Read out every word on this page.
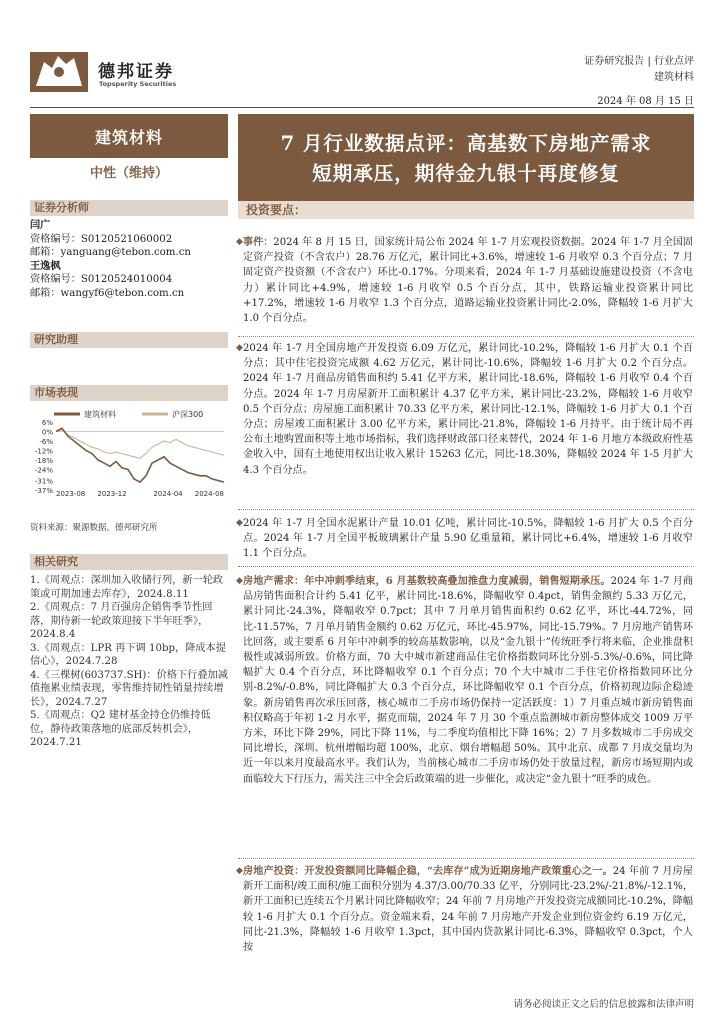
德邦证券
Topsperity Securities
证券研究报告 | 行业点评
建筑材料
2024 年 08 月 15 日
建筑材料
中性（维持）
证券分析师
闫广
资格编号：S0120521060002
邮箱：yanguang@tebon.com.cn
王逸枫
资格编号：S0120524010004
邮箱：wangyf6@tebon.com.cn
研究助理
市场表现
建筑材料	沪深300
6%
0%
-6%
-12%
-18%
-24%
-31%
-37% 2023-08 2023-12	2024-04 2024-08
资料来源：聚源数据，德邦研究所
相关研究
1.《周观点：深圳加入收储行列，新一轮政策或可期加速去库存》，2024.8.11
2.《周观点：7 月百强房企销售季节性回落，期待新一轮政策迎接下半年旺季》，2024.8.4
3.《周观点：LPR 再下调 10bp，降成本提信心》，2024.7.28
4.《三棵树(603737.SH)：价格下行叠加减值拖累业绩表现，零售维持韧性销量持续增长》，2024.7.27
5.《周观点：Q2 建材基金持仓仍维持低位，静待政策落地的底部反转机会》，2024.7.21
7 月行业数据点评：高基数下房地产需求
短期承压，期待金九银十再度修复
投资要点：
◆ 事件：2024 年 8 月 15 日，国家统计局公布 2024 年 1-7 月宏观投资数据。2024 年 1-7 月全国固定资产投资（不含农户）28.76 万亿元，累计同比+3.6%，增速较 1-6 月收窄 0.3 个百分点；7 月固定资产投资额（不含农户）环比-0.17%。分项来看，2024 年 1-7 月基础设施建设投资（不含电力）累计同比+4.9%，增速较 1-6 月收窄 0.5 个百分点，其中，铁路运输业投资累计同比+17.2%，增速较 1-6 月收窄 1.3 个百分点，道路运输业投资累计同比-2.0%，降幅较 1-6 月扩大 1.0 个百分点。
◆ 2024 年 1-7 月全国房地产开发投资 6.09 万亿元，累计同比-10.2%，降幅较 1-6 月扩大 0.1 个百分点；其中住宅投资完成额 4.62 万亿元，累计同比-10.6%，降幅较 1-6 月扩大 0.2 个百分点。2024 年 1-7 月商品房销售面积约 5.41 亿平方米，累计同比-18.6%，降幅较 1-6 月收窄 0.4 个百分点。2024 年 1-7 月房屋新开工面积累计 4.37 亿平方米，累计同比-23.2%，降幅较 1-6 月收窄 0.5 个百分点；房屋施工面积累计 70.33 亿平方米，累计同比-12.1%，降幅较 1-6 月扩大 0.1 个百分点；房屋竣工面积累计 3.00 亿平方米，累计同比-21.8%，降幅较 1-6 月持平。由于统计局不再公布土地购置面积等土地市场指标，我们选择财政部口径来替代，2024 年 1-6 月地方本级政府性基金收入中，国有土地使用权出让收入累计 15263 亿元，同比-18.30%，降幅较 2024 年 1-5 月扩大 4.3 个百分点。
◆ 2024 年 1-7 月全国水泥累计产量 10.01 亿吨，累计同比-10.5%，降幅较 1-6 月扩大 0.5 个百分点。2024 年 1-7 月全国平板玻璃累计产量 5.90 亿重量箱，累计同比+6.4%，增速较 1-6 月收窄 1.1 个百分点。
◆ 房地产需求：年中冲刺季结束，6 月基数较高叠加推盘力度减弱，销售短期承压。2024 年 1-7 月商品房销售面积合计约 5.41 亿平，累计同比-18.6%，降幅收窄 0.4pct，销售金额约 5.33 万亿元，累计同比-24.3%，降幅收窄 0.7pct；其中 7 月单月销售面积约 0.62 亿平，环比-44.72%，同比-11.57%，7 月单月销售金额约 0.62 万亿元，环比-45.97%，同比-15.79%。7 月房地产销售环比回落，或主要系 6 月年中冲刺季的较高基数影响，以及“金九银十”传统旺季行将来临，企业推盘积极性或减弱所致。价格方面，70 大中城市新建商品住宅价格指数同环比分别-5.3%/-0.6%，同比降幅扩大 0.4 个百分点，环比降幅收窄 0.1 个百分点；70 个大中城市二手住宅价格指数同环比分别-8.2%/-0.8%，同比降幅扩大 0.3 个百分点，环比降幅收窄 0.1 个百分点，价格初现边际企稳迹象。新房销售再次承压回落，核心城市二手房市场仍保持一定活跃度：1）7 月重点城市新房销售面积仅略高于年初 1-2 月水平，据克而瑞，2024 年 7 月 30 个重点监测城市新房整体成交 1009 万平方米，环比下降 29%，同比下降 11%，与二季度均值相比下降 16%；2）7 月多数城市二手房成交同比增长，深圳、杭州增幅均超 100%，北京、烟台增幅超 50%。其中北京、成都 7 月成交量均为近一年以来月度最高水平。我们认为，当前核心城市二手房市场仍处于放量过程，新房市场短期内或面临较大下行压力，需关注三中全会后政策端的进一步催化，或决定“金九银十”旺季的成色。
◆ 房地产投资：开发投资额同比降幅企稳，“去库存”成为近期房地产政策重心之一。24 年前 7 月房屋新开工面积/竣工面积/施工面积分别为 4.37/3.00/70.33 亿平，分别同比-23.2%/-21.8%/-12.1%，新开工面积已连续五个月累计同比降幅收窄；24 年前 7 月房地产开发投资完成额同比-10.2%，降幅较 1-6 月扩大 0.1 个百分点。资金端来看，24 年前 7 月房地产开发企业到位资金约 6.19 万亿元，同比-21.3%，降幅较 1-6 月收窄 1.3pct，其中国内贷款累计同比-6.3%，降幅收窄 0.3pct，个人按
请务必阅读正文之后的信息披露和法律声明
